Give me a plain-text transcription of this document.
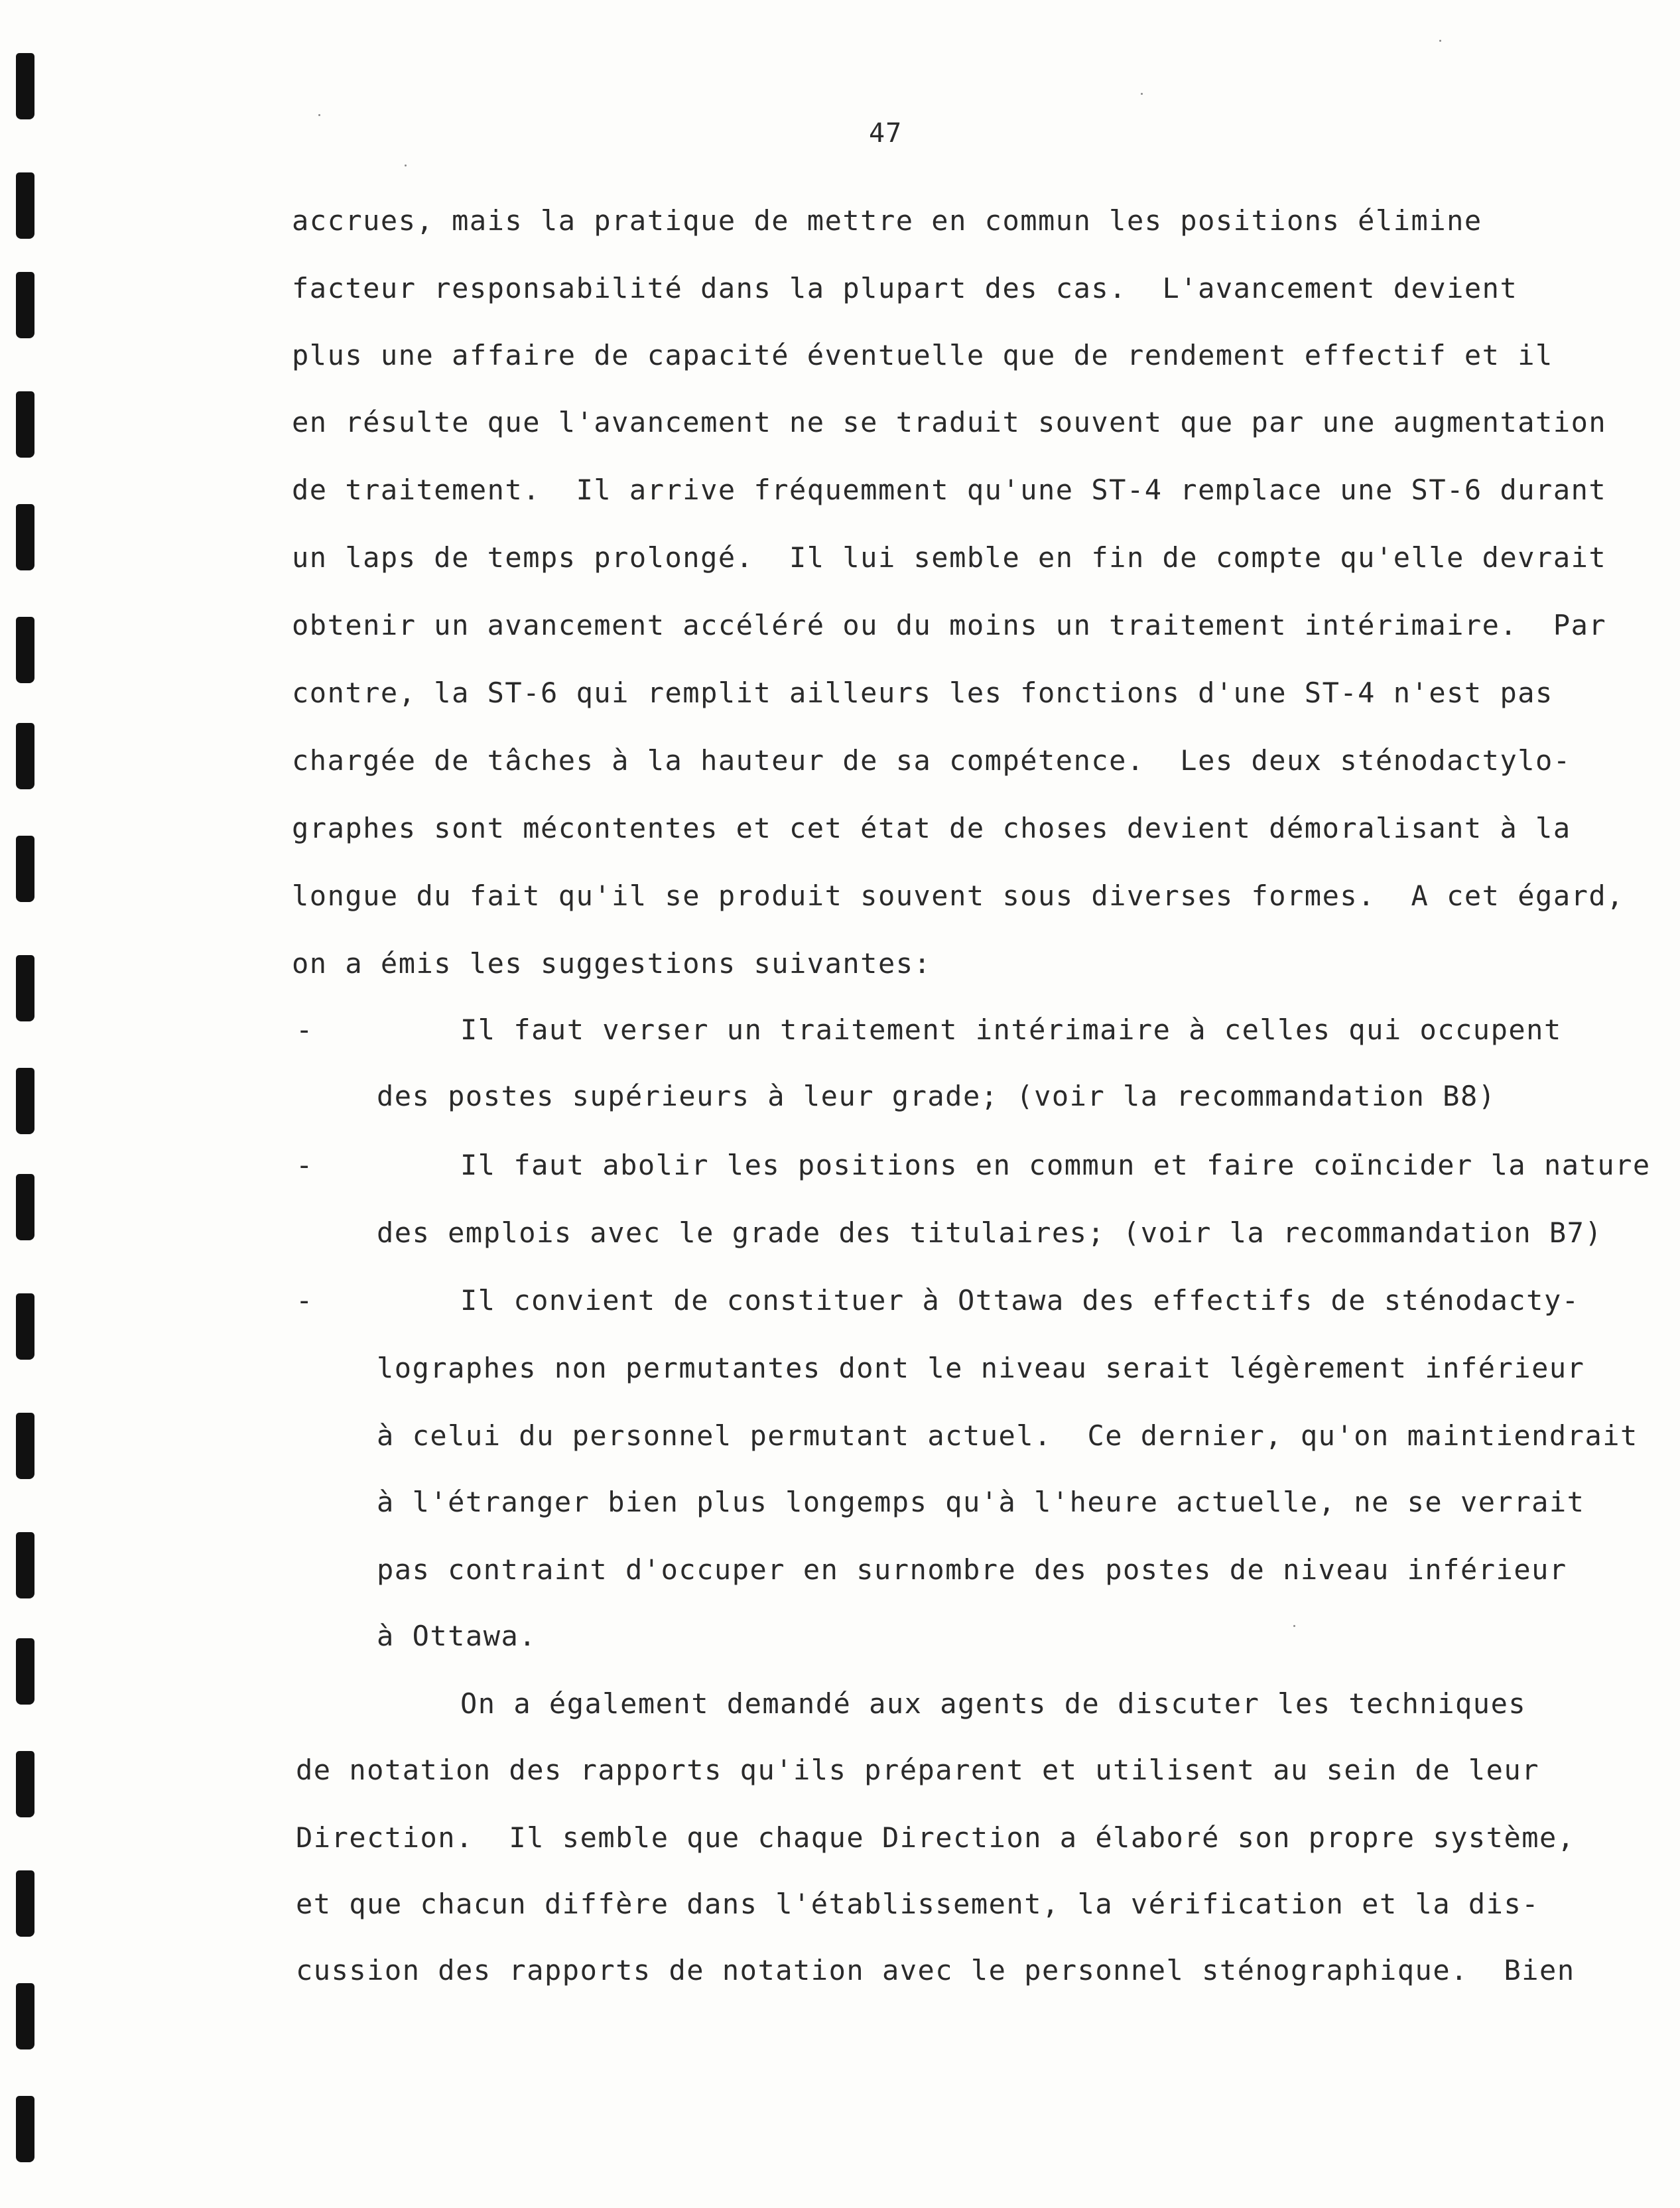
47
accrues, mais la pratique de mettre en commun les positions élimine
facteur responsabilité dans la plupart des cas.  L'avancement devient
plus une affaire de capacité éventuelle que de rendement effectif et il
en résulte que l'avancement ne se traduit souvent que par une augmentation
de traitement.  Il arrive fréquemment qu'une ST-4 remplace une ST-6 durant
un laps de temps prolongé.  Il lui semble en fin de compte qu'elle devrait
obtenir un avancement accéléré ou du moins un traitement intérimaire.  Par
contre, la ST-6 qui remplit ailleurs les fonctions d'une ST-4 n'est pas
chargée de tâches à la hauteur de sa compétence.  Les deux sténodactylo-
graphes sont mécontentes et cet état de choses devient démoralisant à la
longue du fait qu'il se produit souvent sous diverses formes.  A cet égard,
on a émis les suggestions suivantes:
-	Il faut verser un traitement intérimaire à celles qui occupent
des postes supérieurs à leur grade; (voir la recommandation B8)
-	Il faut abolir les positions en commun et faire coïncider la nature
des emplois avec le grade des titulaires; (voir la recommandation B7)
-	Il convient de constituer à Ottawa des effectifs de sténodacty-
lographes non permutantes dont le niveau serait légèrement inférieur
à celui du personnel permutant actuel.  Ce dernier, qu'on maintiendrait
à l'étranger bien plus longemps qu'à l'heure actuelle, ne se verrait
pas contraint d'occuper en surnombre des postes de niveau inférieur
à Ottawa.
On a également demandé aux agents de discuter les techniques
de notation des rapports qu'ils préparent et utilisent au sein de leur
Direction.  Il semble que chaque Direction a élaboré son propre système,
et que chacun diffère dans l'établissement, la vérification et la dis-
cussion des rapports de notation avec le personnel sténographique.  Bien
